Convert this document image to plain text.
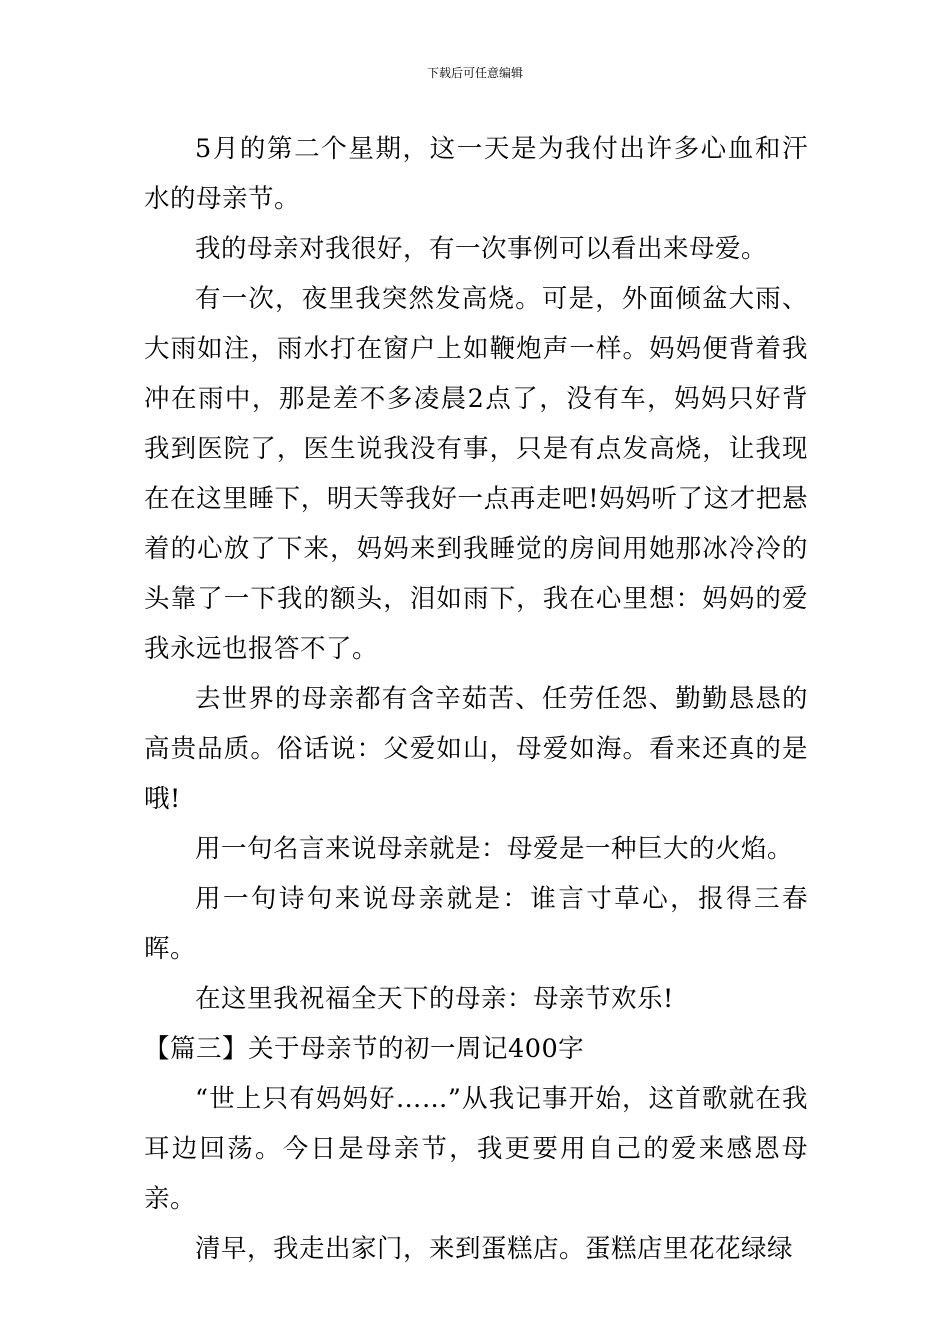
下载后可任意编辑

5月的第二个星期，这一天是为我付出许多心血和汗水的母亲节。

我的母亲对我很好，有一次事例可以看出来母爱。

有一次，夜里我突然发高烧。可是，外面倾盆大雨、大雨如注，雨水打在窗户上如鞭炮声一样。妈妈便背着我冲在雨中，那是差不多凌晨2点了，没有车，妈妈只好背我到医院了，医生说我没有事，只是有点发高烧，让我现在在这里睡下，明天等我好一点再走吧!妈妈听了这才把悬着的心放了下来，妈妈来到我睡觉的房间用她那冰冷冷的头靠了一下我的额头，泪如雨下，我在心里想：妈妈的爱我永远也报答不了。

去世界的母亲都有含辛茹苦、任劳任怨、勤勤恳恳的高贵品质。俗话说：父爱如山，母爱如海。看来还真的是哦!

用一句名言来说母亲就是：母爱是一种巨大的火焰。

用一句诗句来说母亲就是：谁言寸草心，报得三春晖。

在这里我祝福全天下的母亲：母亲节欢乐!

【篇三】关于母亲节的初一周记400字

“世上只有妈妈好……”从我记事开始，这首歌就在我耳边回荡。今日是母亲节，我更要用自己的爱来感恩母亲。

清早，我走出家门，来到蛋糕店。蛋糕店里花花绿绿
